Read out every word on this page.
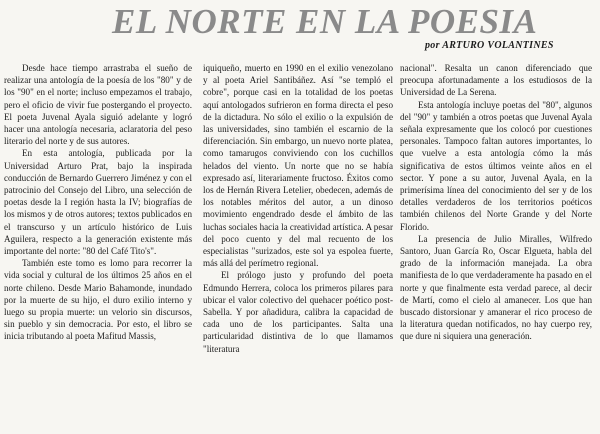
EL NORTE EN LA POESIA
por ARTURO VOLANTINES

Desde hace tiempo arrastraba el sueño de realizar una antología de la poesía de los "80" y de los "90" en el norte; incluso empezamos el trabajo, pero el oficio de vivir fue postergando el proyecto. El poeta Juvenal Ayala siguió adelante y logró hacer una antología necesaria, aclaratoria del peso literario del norte y de sus autores.

En esta antología, publicada por la Universidad Arturo Prat, bajo la inspirada conducción de Bernardo Guerrero Jiménez y con el patrocinio del Consejo del Libro, una selección de poetas desde la I región hasta la IV; biografías de los mismos y de otros autores; textos publicados en el transcurso y un artículo histórico de Luis Aguilera, respecto a la generación existente más importante del norte: "80 del Café Tito's".

También este tomo es lomo para recorrer la vida social y cultural de los últimos 25 años en el norte chileno. Desde Mario Bahamonde, inundado por la muerte de su hijo, el duro exilio interno y luego su propia muerte: un velorio sin discursos, sin pueblo y sin democracia. Por esto, el libro se inicia tributando al poeta Mafitud Massis,

iquiqueño, muerto en 1990 en el exilio venezolano y al poeta Ariel Santibáñez. Así "se templó el cobre", porque casi en la totalidad de los poetas aquí antologados sufrieron en forma directa el peso de la dictadura. No sólo el exilio o la expulsión de las universidades, sino también el escarnio de la diferenciación. Sin embargo, un nuevo norte platea, como tamarugos conviviendo con los cuchillos helados del viento. Un norte que no se había expresado así, literariamente fructoso. Éxitos como los de Hernán Rivera Letelier, obedecen, además de los notables méritos del autor, a un dinoso movimiento engendrado desde el ámbito de las luchas sociales hacia la creatividad artística. A pesar del poco cuento y del mal recuento de los especialistas "surizados, este sol ya espolea fuerte, más allá del perímetro regional.

El prólogo justo y profundo del poeta Edmundo Herrera, coloca los primeros pilares para ubicar el valor colectivo del quehacer poético post-Sabella. Y por añadidura, calibra la capacidad de cada uno de los participantes. Salta una particularidad distintiva de lo que llamamos "literatura

nacional". Resalta un canon diferenciado que preocupa afortunadamente a los estudiosos de la Universidad de La Serena.

Esta antología incluye poetas del "80", algunos del "90" y también a otros poetas que Juvenal Ayala señala expresamente que los colocó por cuestiones personales. Tampoco faltan autores importantes, lo que vuelve a esta antología cómo la más significativa de estos últimos veinte años en el sector. Y pone a su autor, Juvenal Ayala, en la primerísima línea del conocimiento del ser y de los detalles verdaderos de los territorios poéticos también chilenos del Norte Grande y del Norte Florido.

La presencia de Julio Miralles, Wilfredo Santoro, Juan García Ro, Oscar Elgueta, habla del grado de la información manejada. La obra manifiesta de lo que verdaderamente ha pasado en el norte y que finalmente esta verdad parece, al decir de Martí, como el cielo al amanecer. Los que han buscado distorsionar y amanerar el rico proceso de la literatura quedan notificados, no hay cuerpo rey, que dure ni siquiera una generación.
